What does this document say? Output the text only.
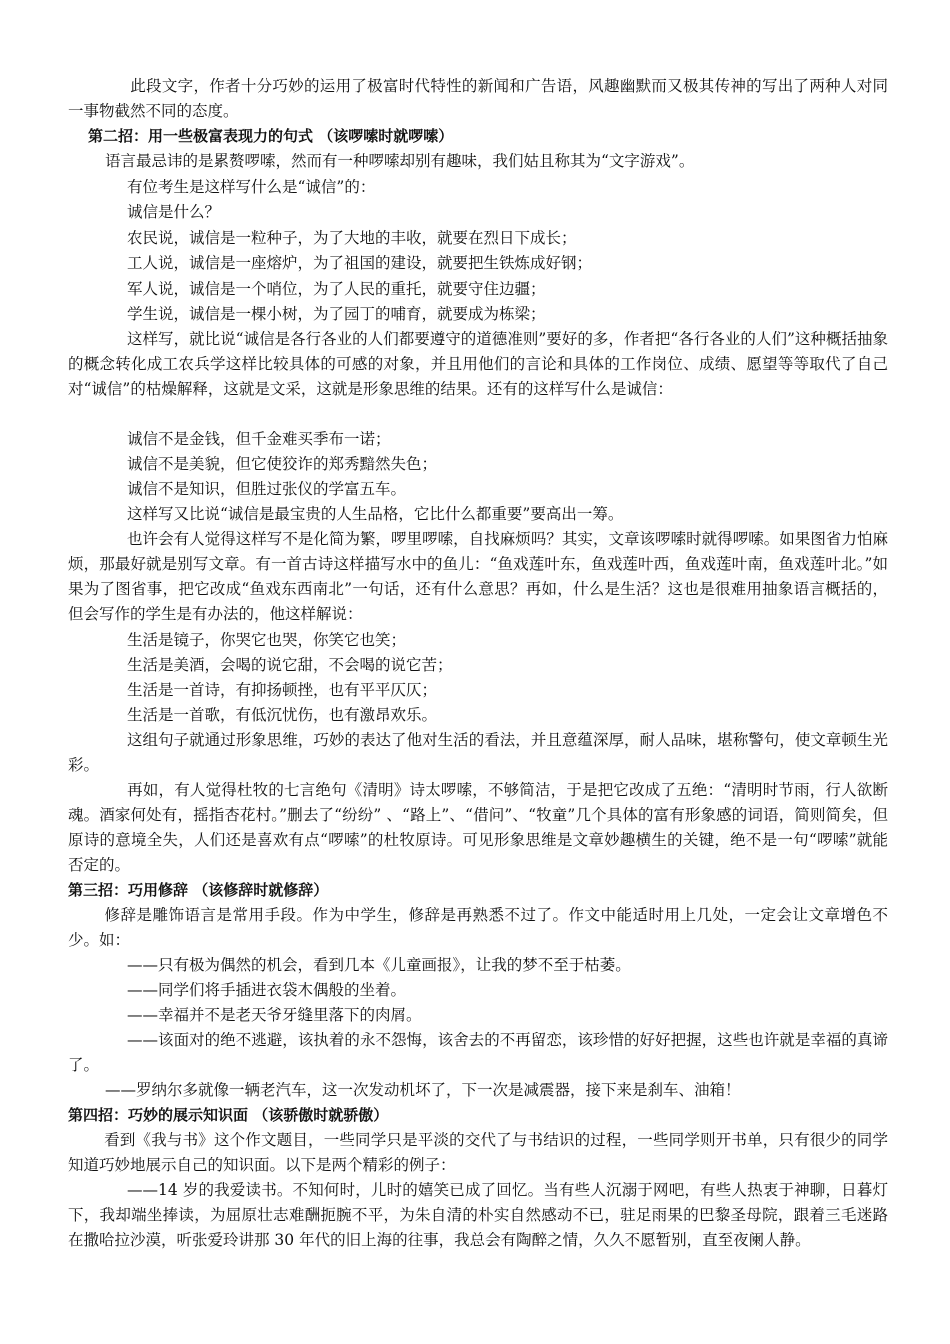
此段文字，作者十分巧妙的运用了极富时代特性的新闻和广告语，风趣幽默而又极其传神的写出了两种人对同一事物截然不同的态度。

第二招：用一些极富表现力的句式 （该啰嗦时就啰嗦）

语言最忌讳的是累赘啰嗦，然而有一种啰嗦却别有趣味，我们姑且称其为“文字游戏”。

有位考生是这样写什么是“诚信”的：

诚信是什么？

农民说，诚信是一粒种子，为了大地的丰收，就要在烈日下成长；

工人说，诚信是一座熔炉，为了祖国的建设，就要把生铁炼成好钢；

军人说，诚信是一个哨位，为了人民的重托，就要守住边疆；

学生说，诚信是一棵小树，为了园丁的哺育，就要成为栋梁；

这样写，就比说“诚信是各行各业的人们都要遵守的道德准则”要好的多，作者把“各行各业的人们”这种概括抽象的概念转化成工农兵学这样比较具体的可感的对象，并且用他们的言论和具体的工作岗位、成绩、愿望等等取代了自己对“诚信”的枯燥解释，这就是文采，这就是形象思维的结果。还有的这样写什么是诚信：

诚信不是金钱，但千金难买季布一诺；

诚信不是美貌，但它使狡诈的郑秀黯然失色；

诚信不是知识，但胜过张仪的学富五车。

这样写又比说“诚信是最宝贵的人生品格，它比什么都重要”要高出一筹。

也许会有人觉得这样写不是化简为繁，啰里啰嗦，自找麻烦吗？其实，文章该啰嗦时就得啰嗦。如果图省力怕麻烦，那最好就是别写文章。有一首古诗这样描写水中的鱼儿：“鱼戏莲叶东，鱼戏莲叶西，鱼戏莲叶南，鱼戏莲叶北。”如果为了图省事，把它改成“鱼戏东西南北”一句话，还有什么意思？再如，什么是生活？这也是很难用抽象语言概括的，但会写作的学生是有办法的，他这样解说：

生活是镜子，你哭它也哭，你笑它也笑；

生活是美酒，会喝的说它甜，不会喝的说它苦；

生活是一首诗，有抑扬顿挫，也有平平仄仄；

生活是一首歌，有低沉忧伤，也有激昂欢乐。

这组句子就通过形象思维，巧妙的表达了他对生活的看法，并且意蕴深厚，耐人品味，堪称警句，使文章顿生光彩。

再如，有人觉得杜牧的七言绝句《清明》诗太啰嗦，不够简洁，于是把它改成了五绝：“清明时节雨，行人欲断魂。酒家何处有，摇指杏花村。”删去了“纷纷” 、“路上”、“借问”、“牧童”几个具体的富有形象感的词语，简则简矣，但原诗的意境全失，人们还是喜欢有点“啰嗦”的杜牧原诗。可见形象思维是文章妙趣横生的关键，绝不是一句“啰嗦”就能否定的。

第三招：巧用修辞 （该修辞时就修辞）

修辞是雕饰语言是常用手段。作为中学生，修辞是再熟悉不过了。作文中能适时用上几处，一定会让文章增色不少。如：

——只有极为偶然的机会，看到几本《儿童画报》，让我的梦不至于枯萎。

——同学们将手插进衣袋木偶般的坐着。

——幸福并不是老天爷牙缝里落下的肉屑。

——该面对的绝不逃避，该执着的永不怨悔，该舍去的不再留恋，该珍惜的好好把握，这些也许就是幸福的真谛了。

——罗纳尔多就像一辆老汽车，这一次发动机坏了，下一次是减震器，接下来是刹车、油箱！

第四招：巧妙的展示知识面 （该骄傲时就骄傲）

看到《我与书》这个作文题目，一些同学只是平淡的交代了与书结识的过程，一些同学则开书单，只有很少的同学知道巧妙地展示自己的知识面。以下是两个精彩的例子：

——14 岁的我爱读书。不知何时，儿时的嬉笑已成了回忆。当有些人沉溺于网吧，有些人热衷于神聊，日暮灯下，我却端坐捧读，为屈原壮志难酬扼腕不平，为朱自清的朴实自然感动不已，驻足雨果的巴黎圣母院，跟着三毛迷路在撒哈拉沙漠，听张爱玲讲那 30 年代的旧上海的往事，我总会有陶醉之情，久久不愿暂别，直至夜阑人静。
